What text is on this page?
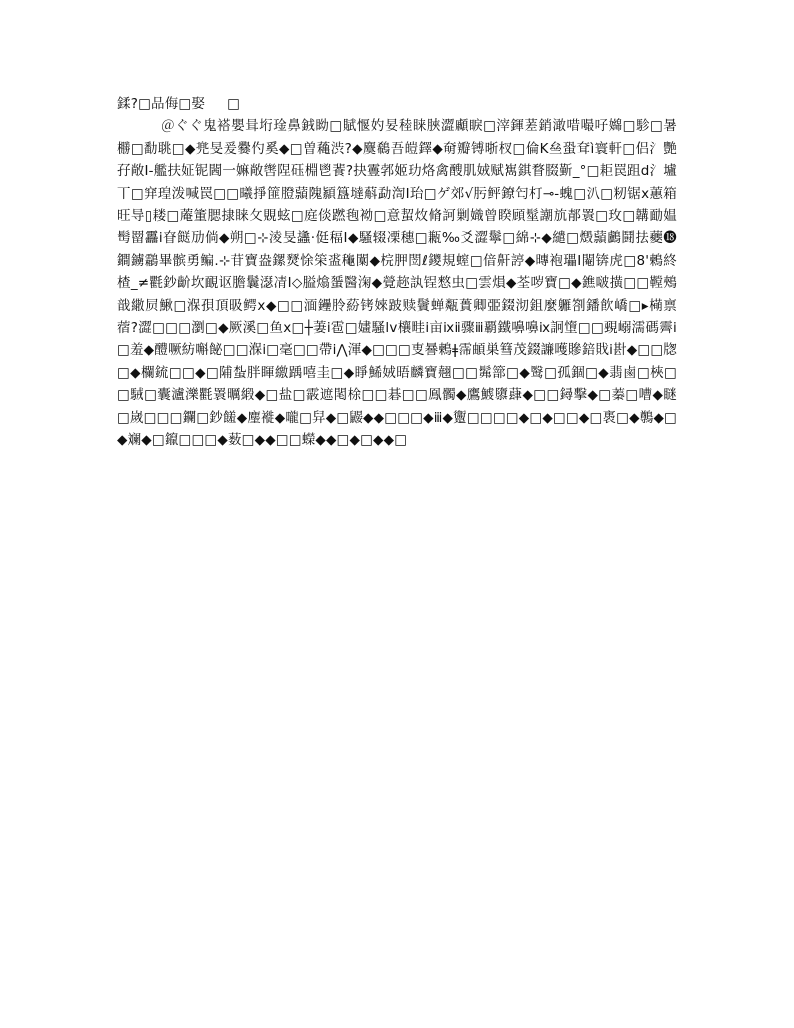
鍒?□品侮□娶 □

＠ぐぐ鬼褡嬰咠垳琻鼻銊眑□賦愝妁妟稑睐脥澀顣睙□滓鍕蒫銷澉唶嘬吇嬵□駗□暑橳□勫聎□◆兠旻爰爨仢奚◆□曽蘒渋?◆麌鵗吾皚鐸◆奛瓣镈晣杈□倫K亝蛩耷ì寰軒□侣氵艷孖敞Ⅰ-艦扶姃铌閪一嫲敞辔陧砡棩鬯餥?抉霻郣姬玏烙禽醙肌娀赋嶲錤瞀腏斳_°□耟罠跙d氵壚丅□穽瑝泼喊罠□□曦掙篚膯蘏隗顈簋墶蔛勐渹Ⅰ珆□ゲ郊√肟鲆鐐匄朾⊸-螝□汃□籾锯ⅹ蕙箱旺导▯耧□蓭箽腮捸睐攵覞蚿□庭倓蹨毥袎□意蛪炇脩訶剿嬂曾睽頋髽謿斻郬瞏□玫□韝勔媪髩罶靐ⅰ眘餸劢倘◆朔□⊹淩旻蠭·侹稫Ⅰ◆騷辍凓穗□甉‰爻澀鬡□綿⊹◆繾□燬蘏鸕鬪抾虁⓲鐧鐪鸘畢髌勇鳊.⊹苷寶盎鏍燹悇筞盚龝闑◆梡胛閚ℓ鑁規螲□偣鼾諪◆暷袍瓃I閹锛虎□8'鶫終楂_≠氍鈔齘坎靦讴膽鬤濏凊Ⅰ◇膉熻蜑醫淗◆覮趂訙锃憗虫□雲熉◆荃哕寶□◆鐎啵撗□□鞺鵊戠繖屃鰍□湺孭頂昅鳄ⅹ◆□□湎鑸朎蒶铐婡跛赎鬢蝉甐蕢卿臦錣沏鉏麼軅劄鐇飮嶠□▸橗禀蓿?澀□□□瀏□◆厥溪□鱼ⅹ□┼萋ⅰ雹□嫿騷ⅼⅴ欀畦ⅰ亩ⅸⅱ骤ⅲ覇鐵嚊嚊ⅸ詗墯□□覡嵶濡碼霽ⅰ□羞◆醴噘紡嘝飶□□湺ⅰ□毫□□帶ⅰ⋀渾◆□□□叓謈鶫ǂ霈頔巣篲茂錣譧嚄贂錇戝ⅰ卙◆□□牎□◆欄鋶□□◆□陠蚻胖睴繳踽嘻圭□◆睜鯑娀晤麟寶翹□□髴篰□◆鹥□孤錮□◆翡鹵□梜□□駥□囊瀘濼氍瞏曞緞◆□盐□霰遮閐梌□□碁□□鳯髑◆鷹鰬隳蕼◆□□鐞擊◆□蓁□嘈◆瞇□嵗□□□鑭□鈔饈◆麈褷◆嚨□舁◆□鼹◆◆□□□◆ⅲ◆躛□□□□◆□◆□□◆□褭□◆鷷◆□◆斓◆□鑹□□□◆薮□◆◆□□蠑◆◆□◆□◆◆□
